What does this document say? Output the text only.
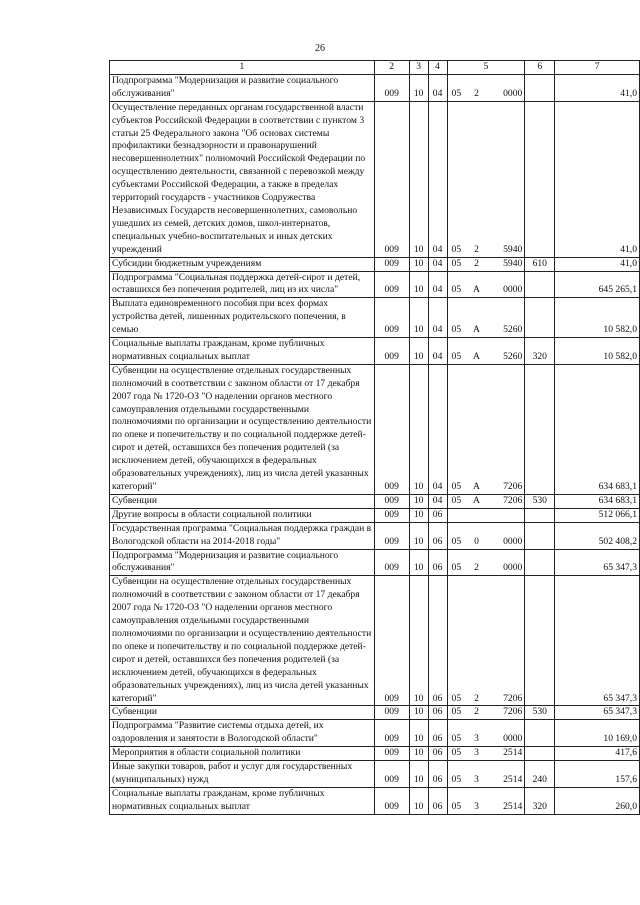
26
1	2	3	4	5			6	7
Подпрограмма "Модернизация и развитие социального обслуживания"	009	10	04	05	2	0000		41,0
Осуществление переданных органам государственной власти субъектов Российской Федерации в соответствии с пунктом 3 статьи 25 Федерального закона "Об основах системы профилактики безнадзорности и правонарушений несовершеннолетних" полномочий Российской Федерации по осуществлению деятельности, связанной с перевозкой между субъектами Российской Федерации, а также в пределах территорий государств - участников Содружества Независимых Государств несовершеннолетних, самовольно ушедших из семей, детских домов, школ-интернатов, специальных учебно-воспитательных и иных детских учреждений	009	10	04	05	2	5940		41,0
Субсидии бюджетным учреждениям	009	10	04	05	2	5940	610	41,0
Подпрограмма "Социальная поддержка детей-сирот и детей, оставшихся без попечения родителей, лиц из их числа"	009	10	04	05	А	0000		645 265,1
Выплата единовременного пособия при всех формах устройства детей, лишенных родительского попечения, в семью	009	10	04	05	А	5260		10 582,0
Социальные выплаты гражданам, кроме публичных нормативных социальных выплат	009	10	04	05	А	5260	320	10 582,0
Субвенции на осуществление отдельных государственных полномочий в соответствии с законом области от 17 декабря 2007 года № 1720-ОЗ "О наделении органов местного самоуправления отдельными государственными полномочиями по организации и осуществлению деятельности по опеке и попечительству и по социальной поддержке детей-сирот и детей, оставшихся без попечения родителей (за исключением детей, обучающихся в федеральных образовательных учреждениях), лиц из числа детей указанных категорий"	009	10	04	05	А	7206		634 683,1
Субвенции	009	10	04	05	А	7206	530	634 683,1
Другие вопросы в области социальной политики	009	10	06					512 066,1
Государственная программа "Социальная поддержка граждан в Вологодской области на 2014-2018 годы"	009	10	06	05	0	0000		502 408,2
Подпрограмма "Модернизация и развитие социального обслуживания"	009	10	06	05	2	0000		65 347,3
Субвенции на осуществление отдельных государственных полномочий в соответствии с законом области от 17 декабря 2007 года № 1720-ОЗ "О наделении органов местного самоуправления отдельными государственными полномочиями по организации и осуществлению деятельности по опеке и попечительству и по социальной поддержке детей-сирот и детей, оставшихся без попечения родителей (за исключением детей, обучающихся в федеральных образовательных учреждениях), лиц из числа детей указанных категорий"	009	10	06	05	2	7206		65 347,3
Субвенции	009	10	06	05	2	7206	530	65 347,3
Подпрограмма "Развитие системы отдыха детей, их оздоровления и занятости в Вологодской области"	009	10	06	05	3	0000		10 169,0
Мероприятия в области социальной политики	009	10	06	05	3	2514		417,6
Иные закупки товаров, работ и услуг для государственных (муниципальных) нужд	009	10	06	05	3	2514	240	157,6
Социальные выплаты гражданам, кроме публичных нормативных социальных выплат	009	10	06	05	3	2514	320	260,0
